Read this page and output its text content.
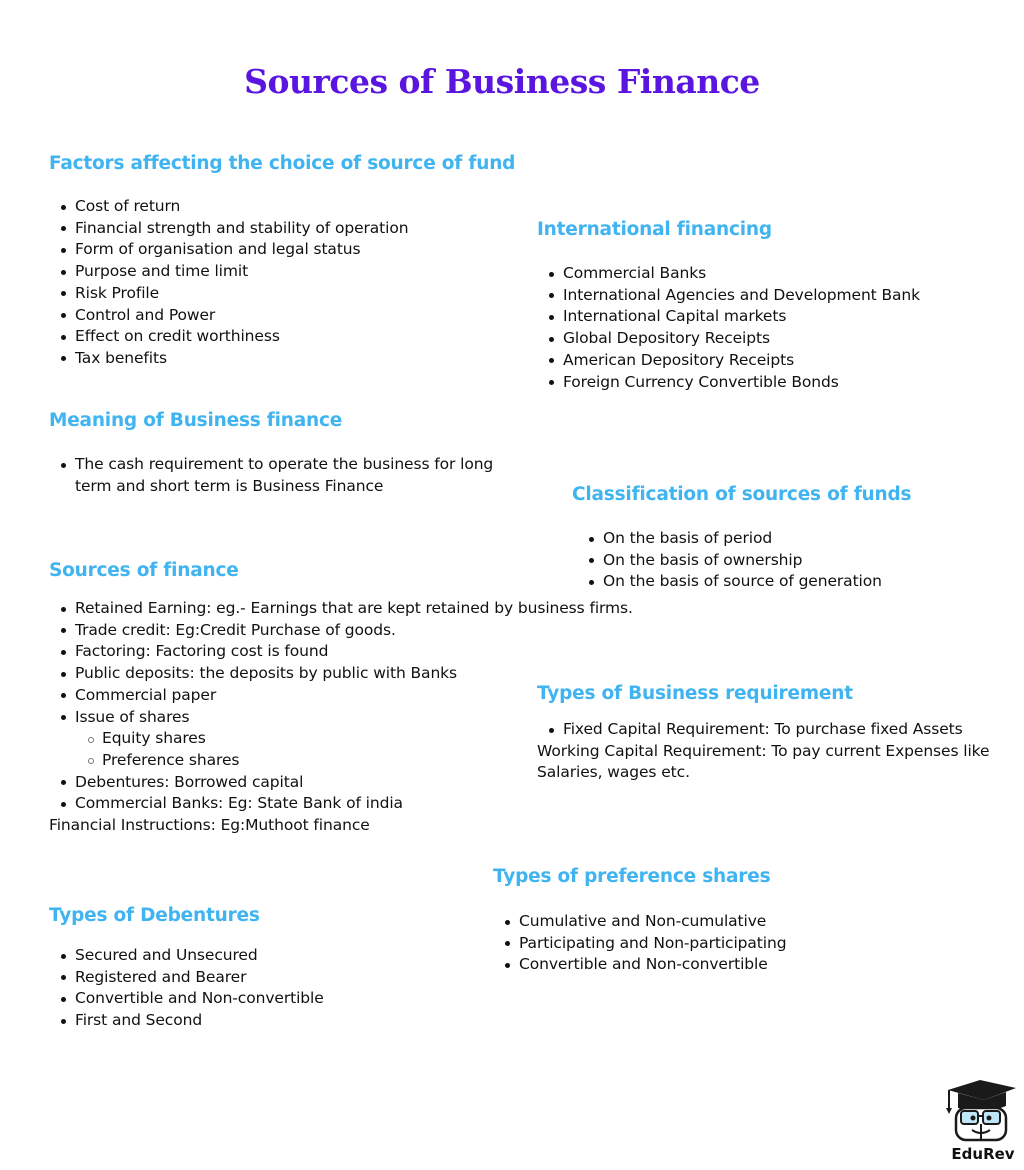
Sources of Business Finance
Factors affecting the choice of source of fund
Cost of return
Financial strength and stability of operation
Form of organisation and legal status
Purpose and time limit
Risk Profile
Control and Power
Effect on credit worthiness
Tax benefits
International financing
Commercial Banks
International Agencies and Development Bank
International Capital markets
Global Depository Receipts
American Depository Receipts
Foreign Currency Convertible Bonds
Meaning of Business finance
The cash requirement to operate the business for long term and short term is Business Finance	Classification of sources of funds
On the basis of period
On the basis of ownership
On the basis of source of generation
Sources of finance
Retained Earning: eg.- Earnings that are kept retained by business firms.
Trade credit: Eg:Credit Purchase of goods.
Factoring: Factoring cost is found
Public deposits: the deposits by public with Banks
Commercial paper
Issue of shares
Equity shares
Preference shares
Debentures: Borrowed capital
Commercial Banks: Eg: State Bank of india
Financial Instructions: Eg:Muthoot finance
Types of Business requirement
Fixed Capital Requirement: To purchase fixed Assets
Working Capital Requirement: To pay current Expenses like
Salaries, wages etc.
Types of preference shares
Cumulative and Non-cumulative
Participating and Non-participating
Convertible and Non-convertible
Types of Debentures
Secured and Unsecured
Registered and Bearer
Convertible and Non-convertible
First and Second
EduRev
